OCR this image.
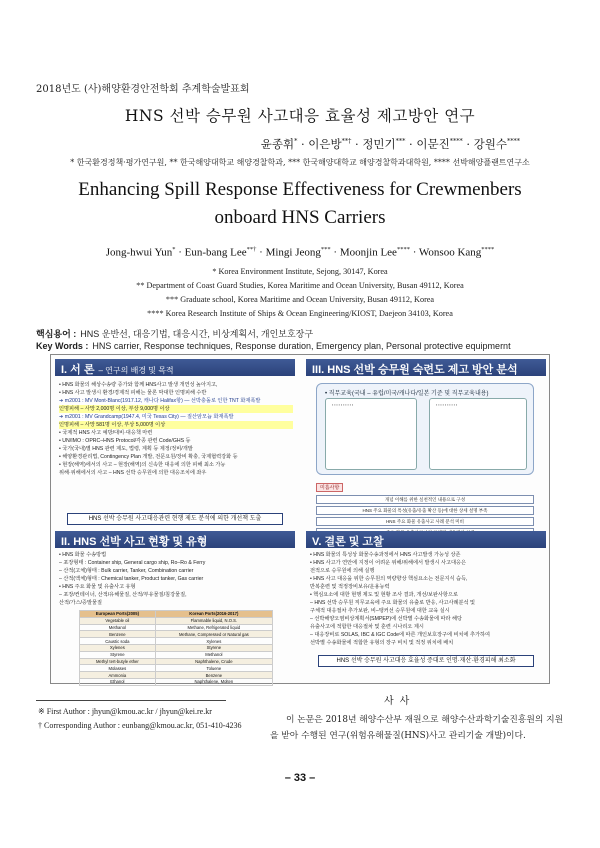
2018년도 (사)해양환경안전학회 추계학술발표회
HNS 선박 승무원 사고대응 효율성 제고방안 연구
윤종휘* · 이은방**† · 정민기*** · 이문진**** · 강원수****
* 한국환경정책·평가연구원, ** 한국해양대학교 해양경찰학과, *** 한국해양대학교 해양경찰학과대학원, **** 선박해양플랜트연구소
Enhancing Spill Response Effectiveness for Crewmenbers
onboard HNS Carriers
Jong-hwui Yun* · Eun-bang Lee**† · Mingi Jeong*** · Moonjin Lee**** · Wonsoo Kang****
* Korea Environment Institute, Sejong, 30147, Korea
** Department of Coast Guard Studies, Korea Maritime and Ocean University, Busan 49112, Korea
*** Graduate school, Korea Maritime and Ocean University, Busan 49112, Korea
**** Korea Research Institute of Ships & Ocean Engineering/KIOST, Daejeon 34103, Korea
핵심용어 : HNS 운반선, 대응기법, 대응시간, 비상계획서, 개인보호장구
Key Words : HNS carrier, Response techniques, Response duration, Emergency plan, Personal protective equipmernt
I. 서 론 – 연구의 배경 및 목적
• HNS 화물의 해상수송량 증가와 함께 HNS사고 발생 개연성 높아지고,
• HNS 사고 발생시 환경/경제적 피해는 물론 막대한 인명피해 수반
➜ m2001 : MV Mont-Blanc(1917.12, 캐나다 Halifax항) — 선박충돌로 인한 TNT 화재폭발
인명피해 – 사망 2,000명 이상, 부상 9,000명 이상
➜ m2001 : MV Grandcamp(1947.4, 미국 Texas City) — 질산암모늄 화재폭발
인명피해 – 사망 581명 이상, 부상 5,000명 이상
• 국제적 HNS 사고 예방/대비·대응책 마련
• UN/IMO : OPRC–HNS Protocol/각종 관련 Code/GHS 등
• 국가(국내)별 HNS 관련 제도, 법령, 계획 등 제정/정비/개발
• 해양환경관리법, Contingency Plan 개발, 전문요원/장비 확충, 국제협력강화 등
• 현장(해역)에서의 사고 – 현장(해역)의 신속한 대응에 의한 피해 최소 가능
위해·위해에서의 사고 – HNS 선박 승무원에 의한 대응조치에 좌우
HNS 선박 승무원 사고대응관련 현행 제도 분석에 의한 개선책 도출
II. HNS 선박 사고 현황 및 유형
• HNS 화물 수송방법
– 포장형태 : Container ship, General cargo ship, Ro–Ro & Ferry
– 산적(고체)형태 : Bulk carrier, Tanker, Combination carrier
– 산적(액체)형태 : Chemical tanker, Product tanker, Gas carrier
• HNS 주요 화물 및 유출사고 유형
– 포장/컨테이너, 산적/유해물질, 산적/부유물질/침강물질,
산적/가스/증발물질
European Ports(2005)	Korean Ports(2016-2017)
Vegetable oil	Flammable liquid, N.O.S.
Methanol	Methane, Refrigerated liquid
Benzene	Methane, Compressed or Natural gas
Caustic soda	Xylenes
Xylenes	Styrene
Styrene	Methanol
Methyl tert-butyle ether	Naphthalene, Crude
Molasses	Toluene
Ammonia	Benzene
Ethanol	Naphthalene, Molten
III. HNS 선박 승무원 숙련도 제고 방안 분석
• 직무교육(국내 – 유럽/미국/캐나다/일본 기준 및 직무교육내용)
▪ ▪ ▪ ▪ ▪ ▪ ▪ ▪ ▪ ▪	▪ ▪ ▪ ▪ ▪ ▪ ▪ ▪ ▪ ▪
미흡사항
개념 이해를 위한 실천적인 내용으로 구성
HNS 주요 화물의 특성(유출/유출 확산 등)에 대한 상세 설명 부족
HNS 주요 화물 유출사고 사례 분석 미비
V. 결론 및 고찰
• HNS 화물의 특성상 화물수송과정에서 HNS 사고발생 가능성 상존
• HNS 사고가 연안에 지정이 어려운 위해/위해에서 발생시 사고대응은
전적으로 승무원에 의해 실행
• HNS 사고 대응을 위한 승무원의 역량향상 핵심요소는 전문지식 습득,
반복훈련 및 적정장비보유/운용능력
• 핵심요소에 대한 현행 제도 및 현황 조사 결과, 개선/보완사항으로
– HNS 선박 승무원 직무교육에 주요 화물의 유출로 반응, 사고사례분석 및
구체적 대응절차 추가보완, 비–탱커선 승무원에 대한 교육 실시
– 선박해양오염비상계획서(SMPEP)에 선박별 수송화물에 따라 해당
유출사고에 적합한 대응절차 및 훈련 시나리오 제시
– 대응장비로 SOLAS, IBC & IGC Code에 따른 개인보호장구에 비치에 추가하여
선박별 수송화물에 적합한 유형의 장구 비치 및 적정 위치에 배치
HNS 선박 승무원 사고대응 효율성 증대로 인명·재산·환경피해 최소화
※ First Author : jhyun@kmou.ac.kr / jhyun@kei.re.kr
† Corresponding Author : eunbang@kmou.ac.kr, 051-410-4236
사사
이 논문은 2018년 해양수산부 재원으로 해양수산과학기술진흥원의 지원을 받아 수행된 연구(위험유해물질(HNS)사고 관리기술 개발)이다.
– 33 –
